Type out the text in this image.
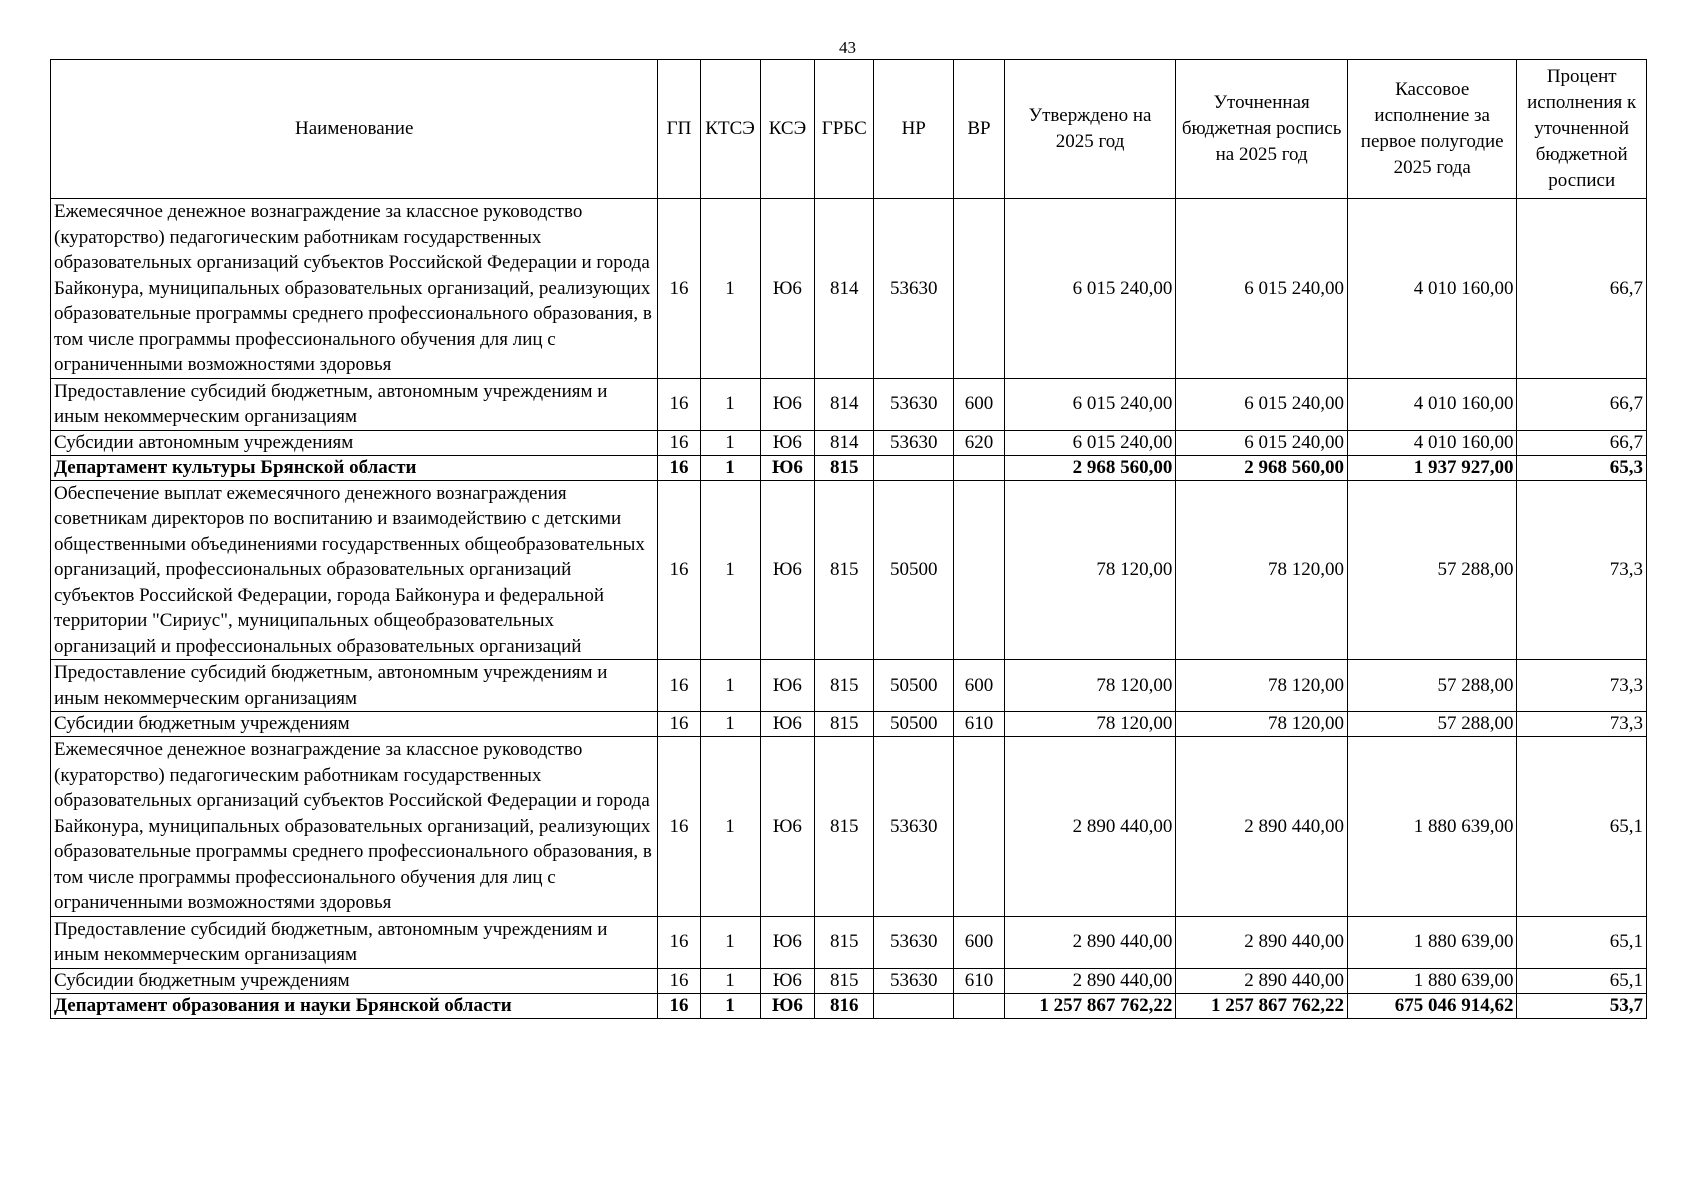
43
Наименование	ГП	КТСЭ	КСЭ	ГРБС	НР	ВР	Утверждено на 2025 год	Уточненная бюджетная роспись на 2025 год	Кассовое исполнение за первое полугодие 2025 года	Процент исполнения к уточненной бюджетной росписи
Ежемесячное денежное вознаграждение за классное руководство (кураторство) педагогическим работникам государственных образовательных организаций субъектов Российской Федерации и города Байконура, муниципальных образовательных организаций, реализующих образовательные программы среднего профессионального образования, в том числе программы профессионального обучения для лиц с ограниченными возможностями здоровья	16	1	Ю6	814	53630		6 015 240,00	6 015 240,00	4 010 160,00	66,7
Предоставление субсидий бюджетным, автономным учреждениям и иным некоммерческим организациям	16	1	Ю6	814	53630	600	6 015 240,00	6 015 240,00	4 010 160,00	66,7
Субсидии автономным учреждениям	16	1	Ю6	814	53630	620	6 015 240,00	6 015 240,00	4 010 160,00	66,7
Департамент культуры Брянской области	16	1	Ю6	815			2 968 560,00	2 968 560,00	1 937 927,00	65,3
Обеспечение выплат ежемесячного денежного вознаграждения советникам директоров по воспитанию и взаимодействию с детскими общественными объединениями государственных общеобразовательных организаций, профессиональных образовательных организаций субъектов Российской Федерации, города Байконура и федеральной территории "Сириус", муниципальных общеобразовательных организаций и профессиональных образовательных организаций	16	1	Ю6	815	50500		78 120,00	78 120,00	57 288,00	73,3
Предоставление субсидий бюджетным, автономным учреждениям и иным некоммерческим организациям	16	1	Ю6	815	50500	600	78 120,00	78 120,00	57 288,00	73,3
Субсидии бюджетным учреждениям	16	1	Ю6	815	50500	610	78 120,00	78 120,00	57 288,00	73,3
Ежемесячное денежное вознаграждение за классное руководство (кураторство) педагогическим работникам государственных образовательных организаций субъектов Российской Федерации и города Байконура, муниципальных образовательных организаций, реализующих образовательные программы среднего профессионального образования, в том числе программы профессионального обучения для лиц с ограниченными возможностями здоровья	16	1	Ю6	815	53630		2 890 440,00	2 890 440,00	1 880 639,00	65,1
Предоставление субсидий бюджетным, автономным учреждениям и иным некоммерческим организациям	16	1	Ю6	815	53630	600	2 890 440,00	2 890 440,00	1 880 639,00	65,1
Субсидии бюджетным учреждениям	16	1	Ю6	815	53630	610	2 890 440,00	2 890 440,00	1 880 639,00	65,1
Департамент образования и науки Брянской области	16	1	Ю6	816			1 257 867 762,22	1 257 867 762,22	675 046 914,62	53,7
